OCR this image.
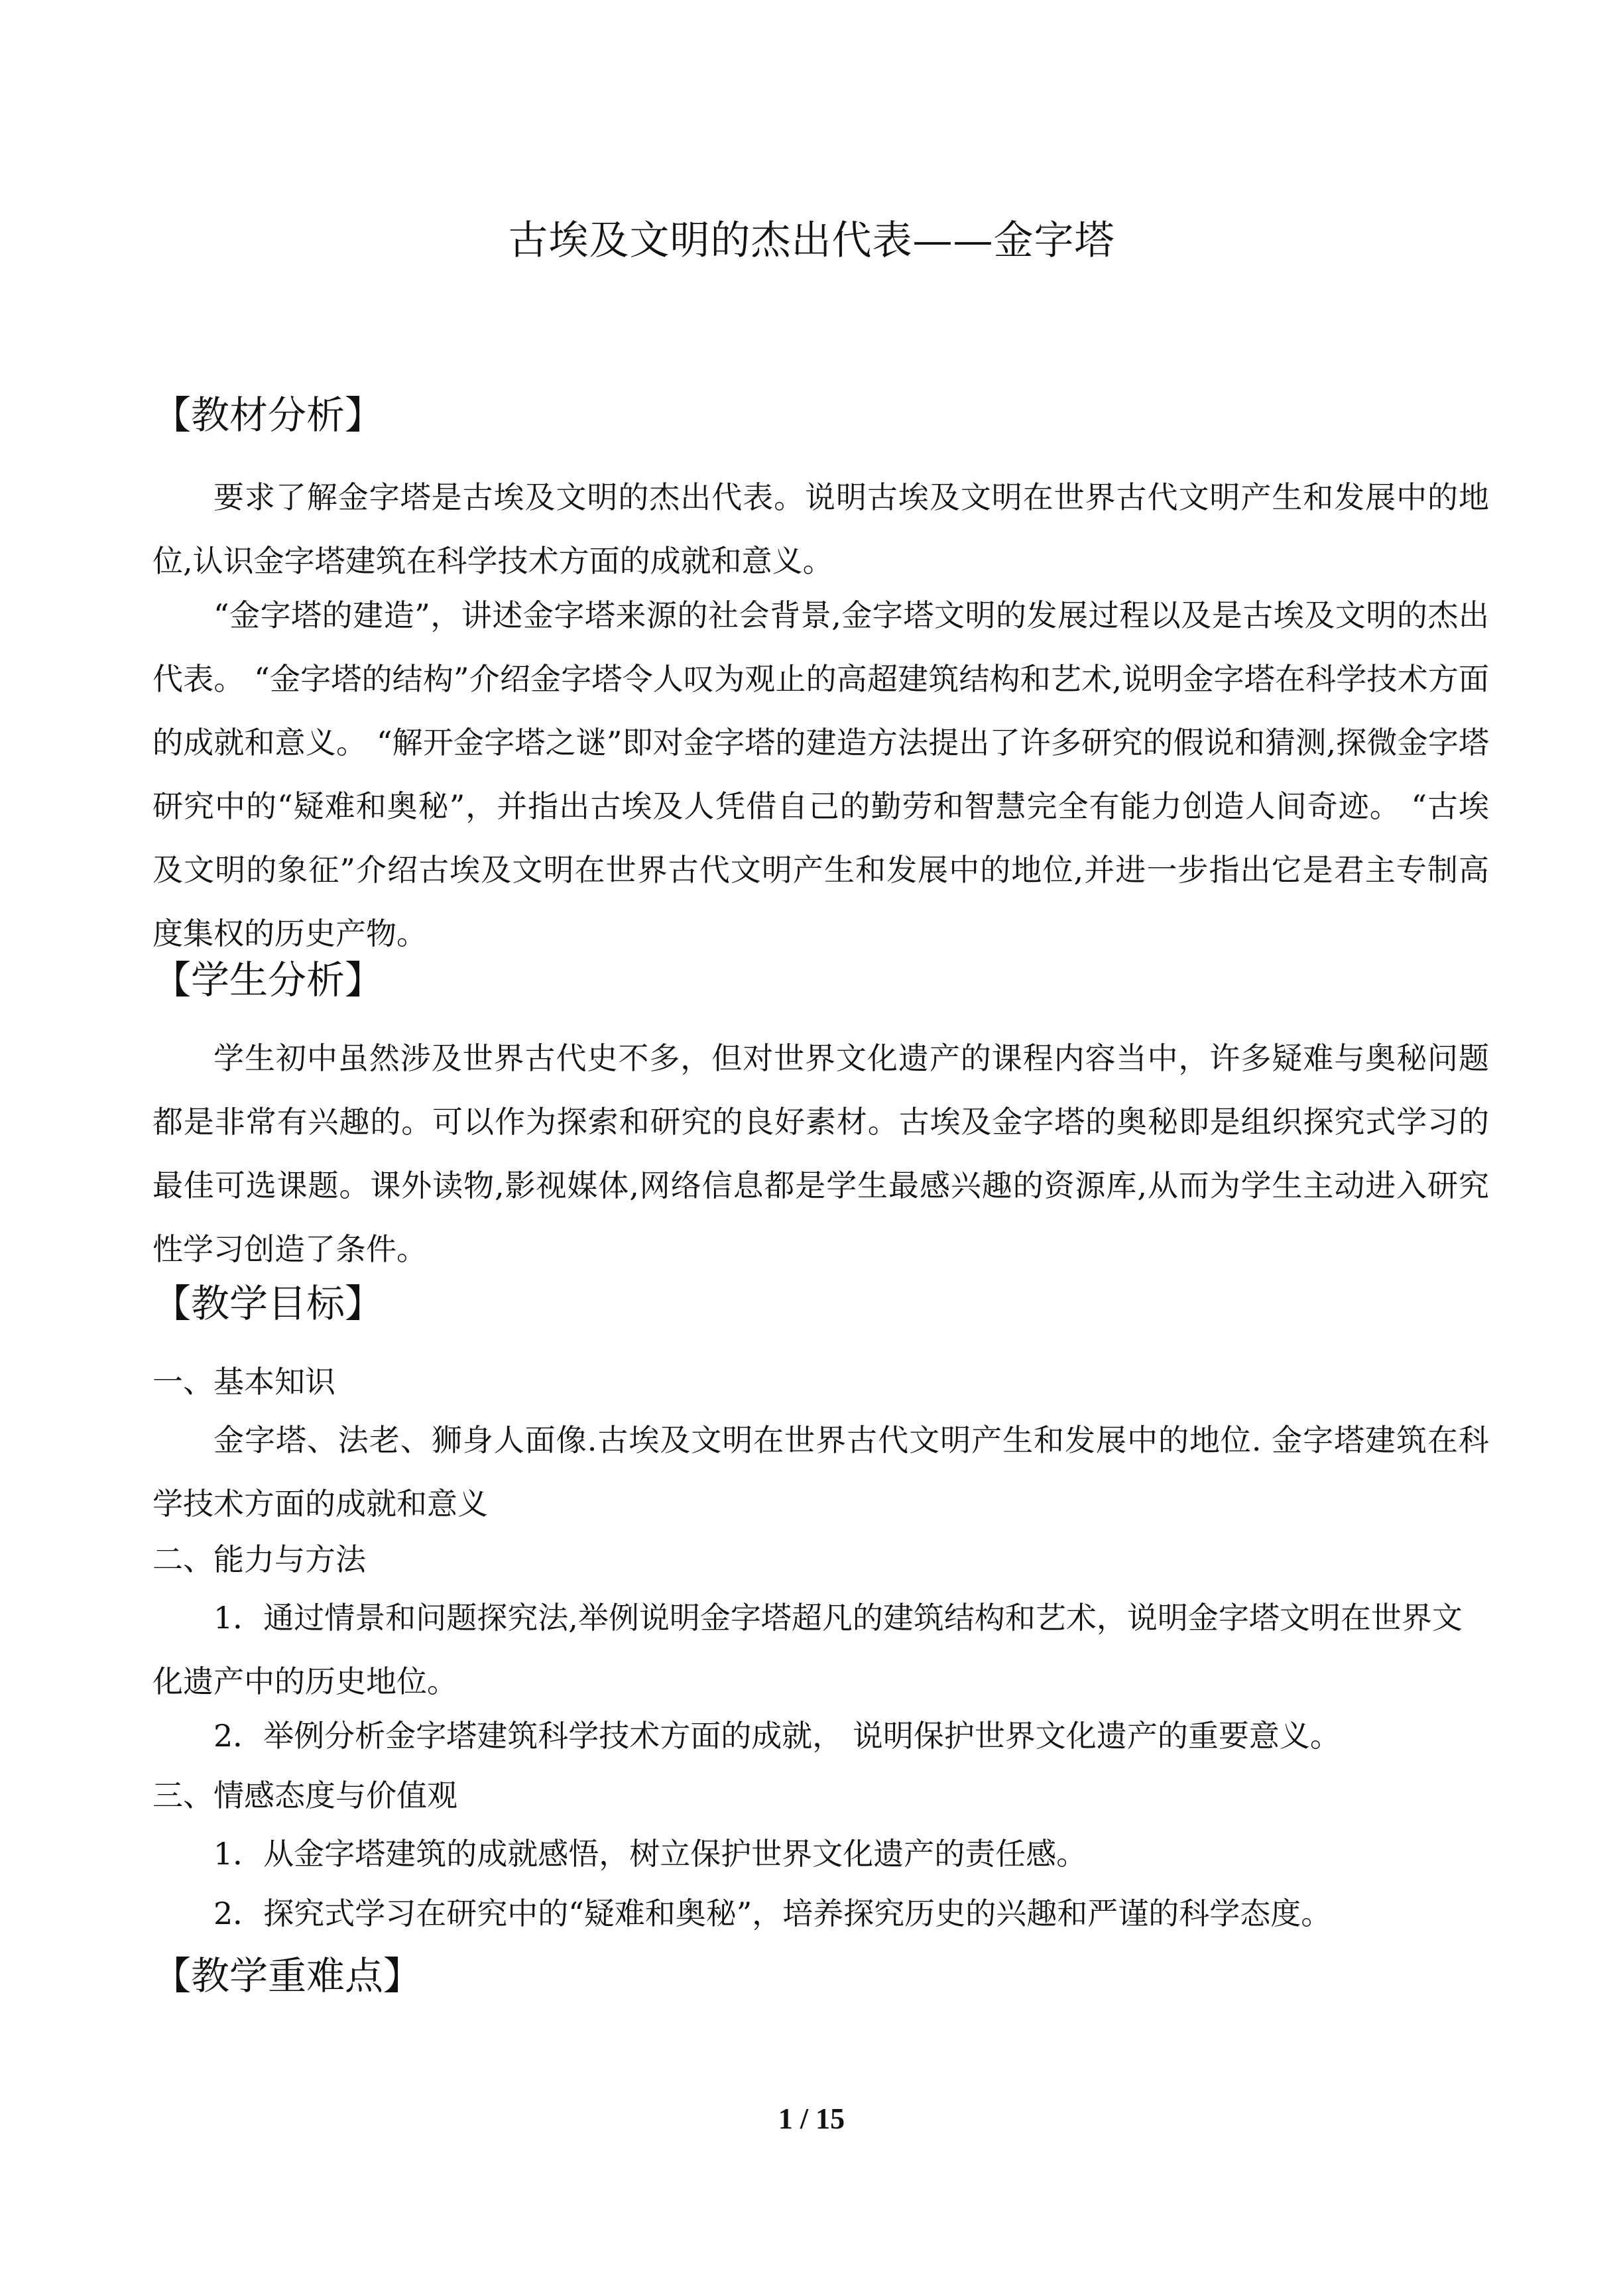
古埃及文明的杰出代表——金字塔
【教材分析】

要求了解金字塔是古埃及文明的杰出代表。说明古埃及文明在世界古代文明产生和发展中的地位,认识金字塔建筑在科学技术方面的成就和意义。

“金字塔的建造”，讲述金字塔来源的社会背景,金字塔文明的发展过程以及是古埃及文明的杰出代表。 “金字塔的结构”介绍金字塔令人叹为观止的高超建筑结构和艺术,说明金字塔在科学技术方面的成就和意义。 “解开金字塔之谜”即对金字塔的建造方法提出了许多研究的假说和猜测,探微金字塔研究中的“疑难和奥秘”，并指出古埃及人凭借自己的勤劳和智慧完全有能力创造人间奇迹。 “古埃及文明的象征”介绍古埃及文明在世界古代文明产生和发展中的地位,并进一步指出它是君主专制高度集权的历史产物。

【学生分析】

学生初中虽然涉及世界古代史不多，但对世界文化遗产的课程内容当中，许多疑难与奥秘问题都是非常有兴趣的。可以作为探索和研究的良好素材。古埃及金字塔的奥秘即是组织探究式学习的最佳可选课题。课外读物,影视媒体,网络信息都是学生最感兴趣的资源库,从而为学生主动进入研究性学习创造了条件。

【教学目标】

一、基本知识

金字塔、法老、狮身人面像.古埃及文明在世界古代文明产生和发展中的地位. 金字塔建筑在科学技术方面的成就和意义

二、能力与方法

1．通过情景和问题探究法,举例说明金字塔超凡的建筑结构和艺术，说明金字塔文明在世界文化遗产中的历史地位。

2．举例分析金字塔建筑科学技术方面的成就， 说明保护世界文化遗产的重要意义。

三、情感态度与价值观

1．从金字塔建筑的成就感悟，树立保护世界文化遗产的责任感。

2．探究式学习在研究中的“疑难和奥秘”，培养探究历史的兴趣和严谨的科学态度。

【教学重难点】
1 / 15
